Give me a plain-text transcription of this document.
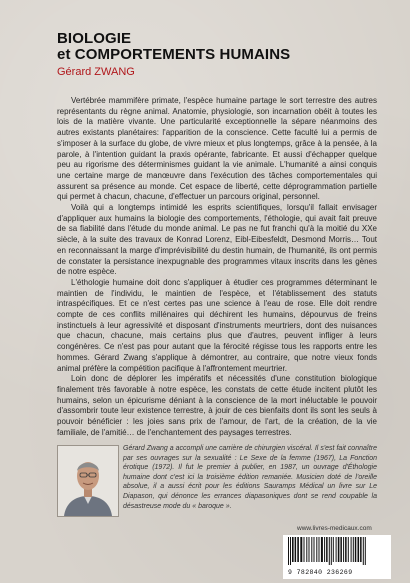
BIOLOGIE
et COMPORTEMENTS HUMAINS
Gérard ZWANG

Vertébrée mammifère primate, l'espèce humaine partage le sort terrestre des autres représentants du règne animal. Anatomie, physiologie, son incarnation obéit à toutes les lois de la matière vivante. Une particularité exceptionnelle la sépare néanmoins des autres existants planétaires: l'apparition de la conscience. Cette faculté lui a permis de s'imposer à la surface du globe, de vivre mieux et plus longtemps, grâce à la pensée, à la parole, à l'intention guidant la praxis opérante, fabricante. Et aussi d'échapper quelque peu au rigorisme des déterminismes guidant la vie animale. L'humanité a ainsi conquis une certaine marge de manœuvre dans l'exécution des tâches comportementales qui assurent sa présence au monde. Cet espace de liberté, cette déprogrammation partielle qui permet à chacun, chacune, d'effectuer un parcours original, personnel.

Voilà qui a longtemps intimidé les esprits scientifiques, lorsqu'il fallait envisager d'appliquer aux humains la biologie des comportements, l'éthologie, qui avait fait preuve de sa fiabilité dans l'étude du monde animal. Le pas ne fut franchi qu'à la moitié du XXe siècle, à la suite des travaux de Konrad Lorenz, Eibl-Eibesfeldt, Desmond Morris… Tout en reconnaissant la marge d'imprévisibilité du destin humain, de l'humanité, ils ont permis de constater la persistance inexpugnable des programmes vitaux inscrits dans les gènes de notre espèce.

L'éthologie humaine doit donc s'appliquer à étudier ces programmes déterminant le maintien de l'individu, le maintien de l'espèce, et l'établissement des statuts intraspécifiques. Et ce n'est certes pas une science à l'eau de rose. Elle doit rendre compte de ces conflits millénaires qui déchirent les humains, dépourvus de freins instinctuels à leur agressivité et disposant d'instruments meurtriers, dont des nuisances que chacun, chacune, mais certains plus que d'autres, peuvent infliger à leurs congénères. Ce n'est pas pour autant que la férocité régisse tous les rapports entre les hommes. Gérard Zwang s'applique à démontrer, au contraire, que notre vieux fonds animal préfère la compétition pacifique à l'affrontement meurtrier.

Loin donc de déplorer les impératifs et nécessités d'une constitution biologique finalement très favorable à notre espèce, les constats de cette étude incitent plutôt les humains, selon un épicurisme déniant à la conscience de la mort inéluctable le pouvoir d'assombrir toute leur existence terrestre, à jouir de ces bienfaits dont ils sont les seuls à pouvoir bénéficier : les joies sans prix de l'amour, de l'art, de la création, de la vie familiale, de l'amitié… de l'enchantement des paysages terrestres.

Gérard Zwang a accompli une carrière de chirurgien viscéral. Il s'est fait connaître par ses ouvrages sur la sexualité : Le Sexe de la femme (1967), La Fonction érotique (1972). Il fut le premier à publier, en 1987, un ouvrage d'Éthologie humaine dont c'est ici la troisième édition remaniée. Musicien doté de l'oreille absolue, il a aussi écrit pour les éditions Sauramps Médical un livre sur Le Diapason, qui dénonce les errances diapasoniques dont se rend coupable la désastreuse mode du « baroque ».
www.livres-medicaux.com
9 782840 236269
